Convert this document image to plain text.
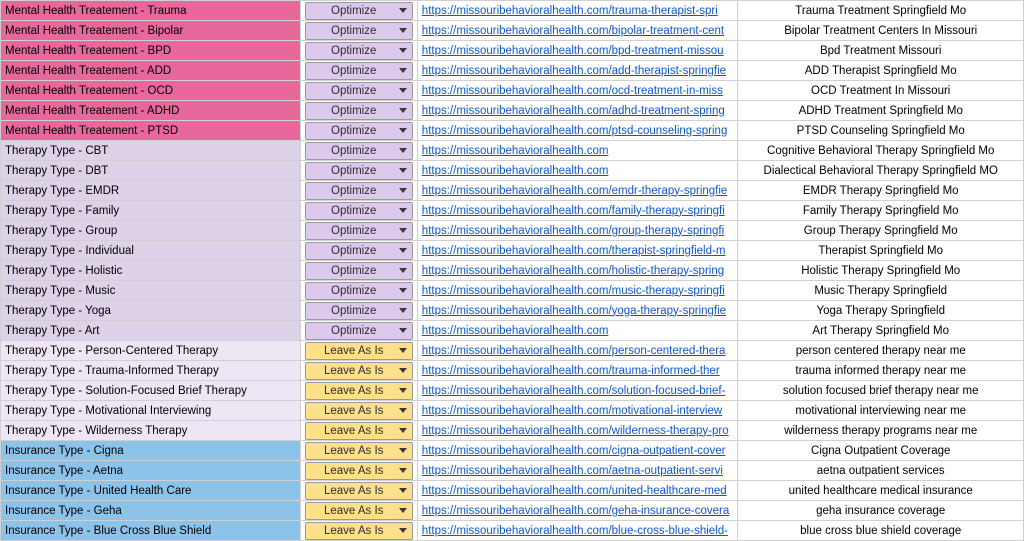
Mental Health Treatement - Trauma	Optimize	https://missouribehavioralhealth.com/trauma-therapist-spri	Trauma Treatment Springfield Mo
Mental Health Treatement - Bipolar	Optimize	https://missouribehavioralhealth.com/bipolar-treatment-cent	Bipolar Treatment Centers In Missouri
Mental Health Treatement - BPD	Optimize	https://missouribehavioralhealth.com/bpd-treatment-missou	Bpd Treatment Missouri
Mental Health Treatement - ADD	Optimize	https://missouribehavioralhealth.com/add-therapist-springfie	ADD Therapist Springfield Mo
Mental Health Treatement - OCD	Optimize	https://missouribehavioralhealth.com/ocd-treatment-in-miss	OCD Treatment In Missouri
Mental Health Treatement - ADHD	Optimize	https://missouribehavioralhealth.com/adhd-treatment-spring	ADHD Treatment Springfield Mo
Mental Health Treatement - PTSD	Optimize	https://missouribehavioralhealth.com/ptsd-counseling-spring	PTSD Counseling Springfield Mo
Therapy Type - CBT	Optimize	https://missouribehavioralhealth.com	Cognitive Behavioral Therapy Springfield Mo
Therapy Type - DBT	Optimize	https://missouribehavioralhealth.com	Dialectical Behavioral Therapy Springfield MO
Therapy Type - EMDR	Optimize	https://missouribehavioralhealth.com/emdr-therapy-springfie	EMDR Therapy Springfield Mo
Therapy Type - Family	Optimize	https://missouribehavioralhealth.com/family-therapy-springfi	Family Therapy Springfield Mo
Therapy Type - Group	Optimize	https://missouribehavioralhealth.com/group-therapy-springfi	Group Therapy Springfield Mo
Therapy Type - Individual	Optimize	https://missouribehavioralhealth.com/therapist-springfield-m	Therapist Springfield Mo
Therapy Type - Holistic	Optimize	https://missouribehavioralhealth.com/holistic-therapy-spring	Holistic Therapy Springfield Mo
Therapy Type - Music	Optimize	https://missouribehavioralhealth.com/music-therapy-springfi	Music Therapy Springfield
Therapy Type - Yoga	Optimize	https://missouribehavioralhealth.com/yoga-therapy-springfie	Yoga Therapy Springfield
Therapy Type - Art	Optimize	https://missouribehavioralhealth.com	Art Therapy Springfield Mo
Therapy Type - Person-Centered Therapy	Leave As Is	https://missouribehavioralhealth.com/person-centered-thera	person centered therapy near me
Therapy Type - Trauma-Informed Therapy	Leave As Is	https://missouribehavioralhealth.com/trauma-informed-ther	trauma informed therapy near me
Therapy Type - Solution-Focused Brief Therapy	Leave As Is	https://missouribehavioralhealth.com/solution-focused-brief-	solution focused brief therapy near me
Therapy Type - Motivational Interviewing	Leave As Is	https://missouribehavioralhealth.com/motivational-interview	motivational interviewing near me
Therapy Type - Wilderness Therapy	Leave As Is	https://missouribehavioralhealth.com/wilderness-therapy-pro	wilderness therapy programs near me
Insurance Type - Cigna	Leave As Is	https://missouribehavioralhealth.com/cigna-outpatient-cover	Cigna Outpatient Coverage
Insurance Type - Aetna	Leave As Is	https://missouribehavioralhealth.com/aetna-outpatient-servi	aetna outpatient services
Insurance Type - United Health Care	Leave As Is	https://missouribehavioralhealth.com/united-healthcare-med	united healthcare medical insurance
Insurance Type - Geha	Leave As Is	https://missouribehavioralhealth.com/geha-insurance-covera	geha insurance coverage
Insurance Type - Blue Cross Blue Shield	Leave As Is	https://missouribehavioralhealth.com/blue-cross-blue-shield-	blue cross blue shield coverage
